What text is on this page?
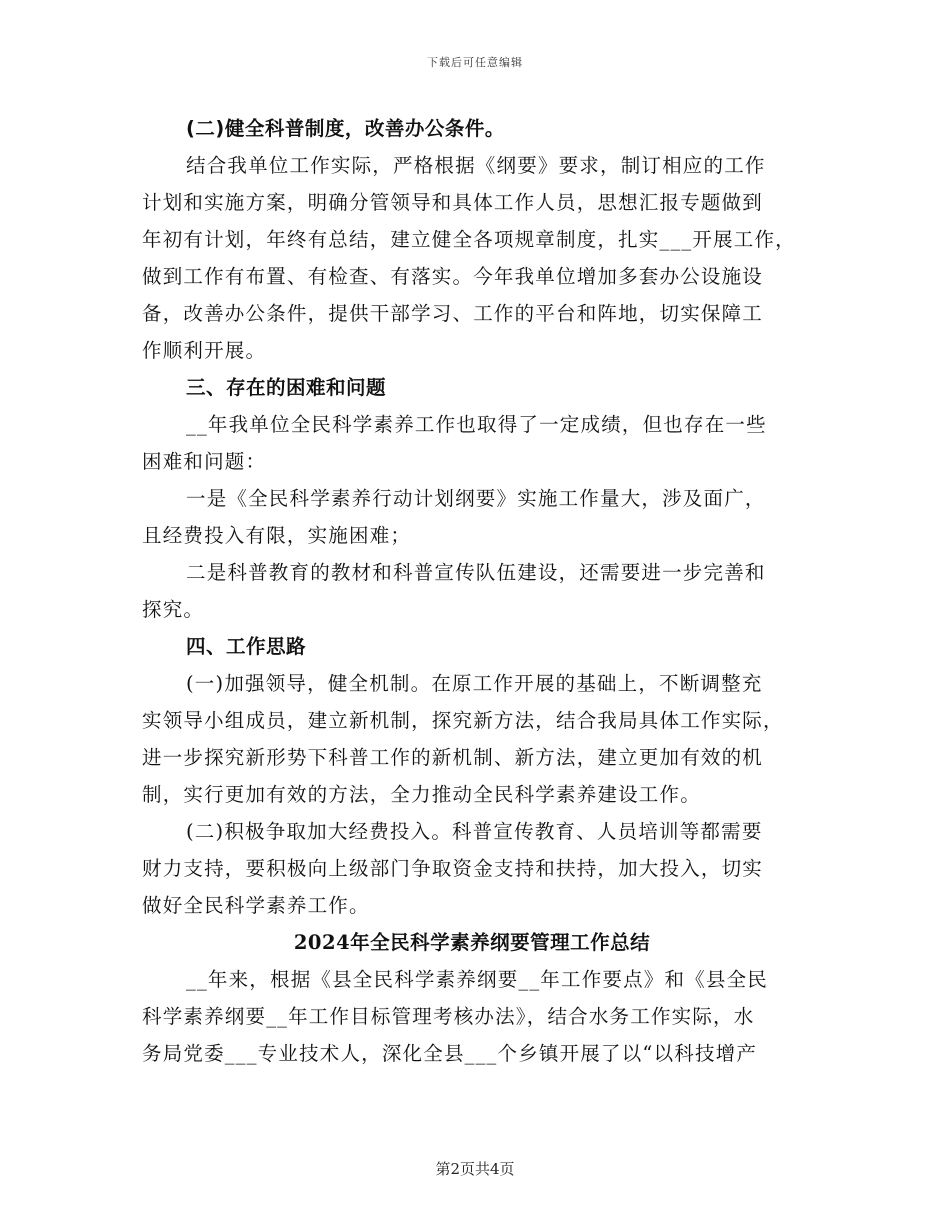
下载后可任意编辑
(二)健全科普制度，改善办公条件。
结合我单位工作实际，严格根据《纲要》要求，制订相应的工作
计划和实施方案，明确分管领导和具体工作人员，思想汇报专题做到
年初有计划，年终有总结，建立健全各项规章制度，扎实___开展工作，
做到工作有布置、有检查、有落实。今年我单位增加多套办公设施设
备，改善办公条件，提供干部学习、工作的平台和阵地，切实保障工
作顺利开展。
三、存在的困难和问题
__年我单位全民科学素养工作也取得了一定成绩，但也存在一些
困难和问题：
一是《全民科学素养行动计划纲要》实施工作量大，涉及面广，
且经费投入有限，实施困难；
二是科普教育的教材和科普宣传队伍建设，还需要进一步完善和
探究。
四、工作思路
(一)加强领导，健全机制。在原工作开展的基础上，不断调整充
实领导小组成员，建立新机制，探究新方法，结合我局具体工作实际，
进一步探究新形势下科普工作的新机制、新方法，建立更加有效的机
制，实行更加有效的方法，全力推动全民科学素养建设工作。
(二)积极争取加大经费投入。科普宣传教育、人员培训等都需要
财力支持，要积极向上级部门争取资金支持和扶持，加大投入，切实
做好全民科学素养工作。
2024年全民科学素养纲要管理工作总结
__年来，根据《县全民科学素养纲要__年工作要点》和《县全民
科学素养纲要__年工作目标管理考核办法》，结合水务工作实际，水
务局党委___专业技术人，深化全县___个乡镇开展了以“以科技增产
第2页共4页
